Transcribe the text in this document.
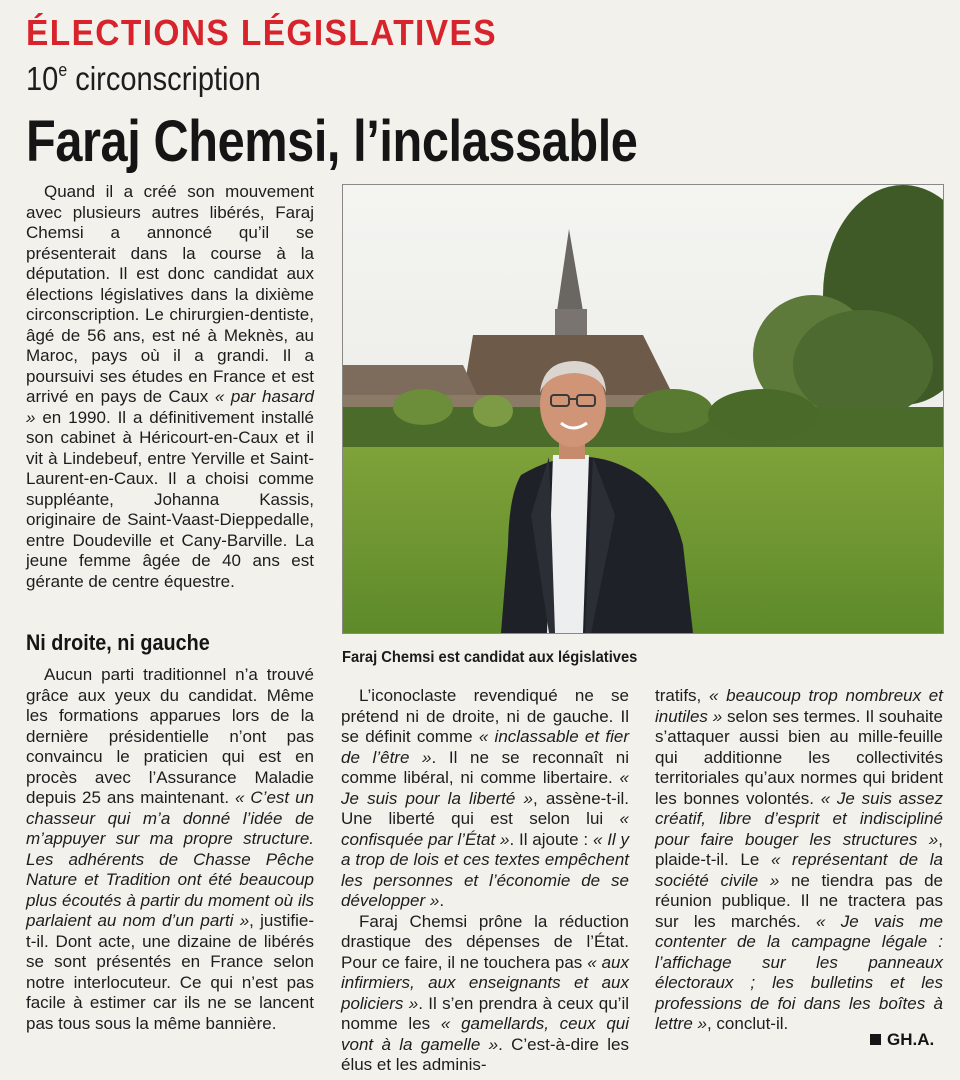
ÉLECTIONS LÉGISLATIVES
10e circonscription
Faraj Chemsi, l’inclassable

Quand il a créé son mouvement avec plusieurs autres libérés, Faraj Chemsi a annoncé qu’il se présenterait dans la course à la députation. Il est donc candidat aux élections législatives dans la dixième circonscription. Le chirurgien-dentiste, âgé de 56 ans, est né à Meknès, au Maroc, pays où il a grandi. Il a poursuivi ses études en France et est arrivé en pays de Caux « par hasard » en 1990. Il a définitivement installé son cabinet à Héricourt-en-Caux et il vit à Lindebeuf, entre Yerville et Saint-Laurent-en-Caux. Il a choisi comme suppléante, Johanna Kassis, originaire de Saint-Vaast-Dieppedalle, entre Doudeville et Cany-Barville. La jeune femme âgée de 40 ans est gérante de centre équestre.

Ni droite, ni gauche

Aucun parti traditionnel n’a trouvé grâce aux yeux du candidat. Même les formations apparues lors de la dernière présidentielle n’ont pas convaincu le praticien qui est en procès avec l’Assurance Maladie depuis 25 ans maintenant. « C’est un chasseur qui m’a donné l’idée de m’appuyer sur ma propre structure. Les adhérents de Chasse Pêche Nature et Tradition ont été beaucoup plus écoutés à partir du moment où ils parlaient au nom d’un parti », justifie-t-il. Dont acte, une dizaine de libérés se sont présentés en France selon notre interlocuteur. Ce qui n’est pas facile à estimer car ils ne se lancent pas tous sous la même bannière.

Faraj Chemsi est candidat aux législatives

L’iconoclaste revendiqué ne se prétend ni de droite, ni de gauche. Il se définit comme « inclassable et fier de l’être ». Il ne se reconnaît ni comme libéral, ni comme libertaire. « Je suis pour la liberté », assène-t-il. Une liberté qui est selon lui « confisquée par l’État ». Il ajoute : « Il y a trop de lois et ces textes empêchent les personnes et l’économie de se développer ».

Faraj Chemsi prône la réduction drastique des dépenses de l’État. Pour ce faire, il ne touchera pas « aux infirmiers, aux enseignants et aux policiers ». Il s’en prendra à ceux qu’il nomme les « gamellards, ceux qui vont à la gamelle ». C’est-à-dire les élus et les adminis-

tratifs, « beaucoup trop nombreux et inutiles » selon ses termes. Il souhaite s’attaquer aussi bien au mille-feuille qui additionne les collectivités territoriales qu’aux normes qui brident les bonnes volontés. « Je suis assez créatif, libre d’esprit et indiscipliné pour faire bouger les structures », plaide-t-il. Le « représentant de la société civile » ne tiendra pas de réunion publique. Il ne tractera pas sur les marchés. « Je vais me contenter de la campagne légale : l’affichage sur les panneaux électoraux ; les bulletins et les professions de foi dans les boîtes à lettre », conclut-il.

GH.A.
